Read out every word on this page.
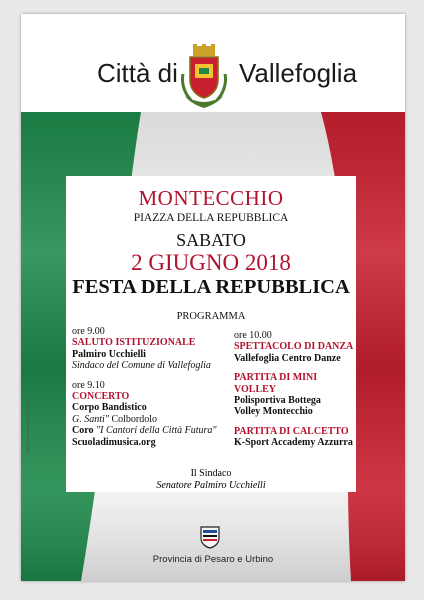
Città di Vallefoglia
MONTECCHIO
PIAZZA DELLA REPUBBLICA
SABATO
2 GIUGNO 2018
FESTA DELLA REPUBBLICA
PROGRAMMA
ore 9.00
SALUTO ISTITUZIONALE
Palmiro Ucchielli
Sindaco del Comune di Vallefoglia
ore 9.10
CONCERTO
Corpo Bandistico
G. Santi" Colbordolo
Coro "I Cantori della Città Futura"
Scuoladimusica.org
ore 10.00
SPETTACOLO DI DANZA
Vallefoglia Centro Danze
PARTITA DI MINI VOLLEY
Polisportiva Bottega
Volley Montecchio
PARTITA DI CALCETTO
K-Sport Accademy Azzurra
Il Sindaco
Senatore Palmiro Ucchielli
Provincia di Pesaro e Urbino
Ufficio Comunicazione Provincia
